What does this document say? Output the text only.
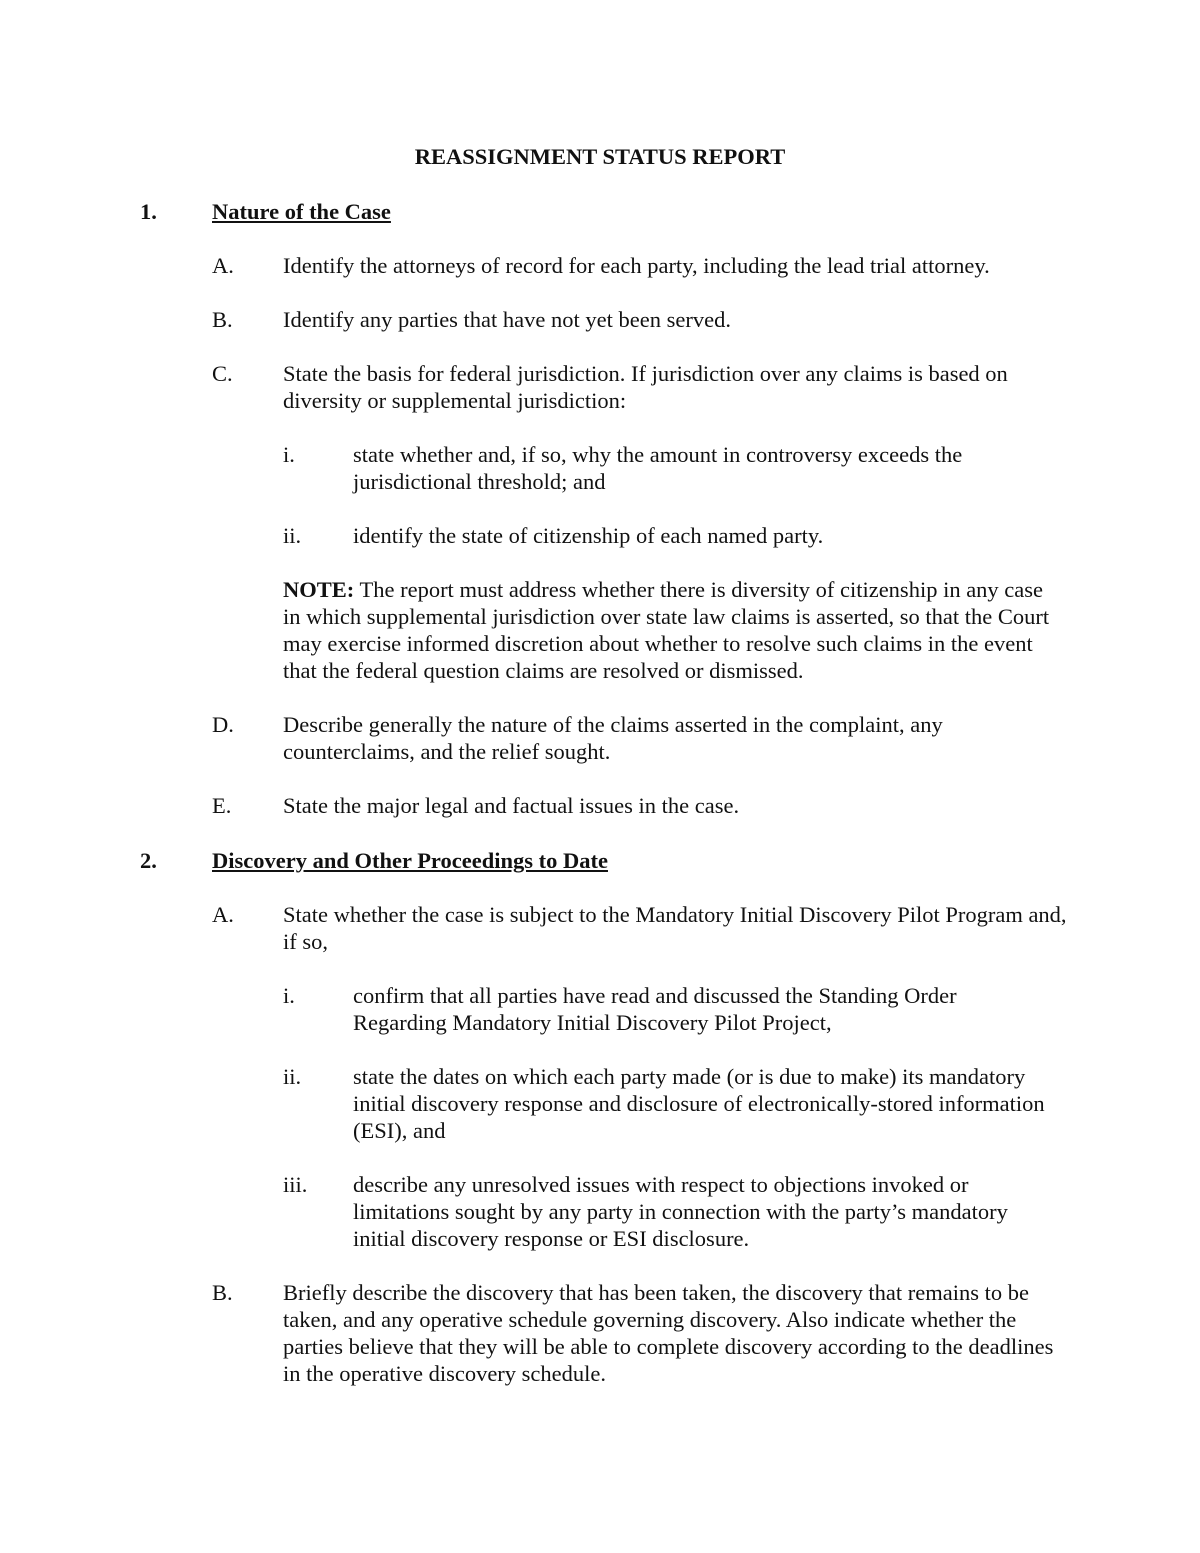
REASSIGNMENT STATUS REPORT
1. Nature of the Case
A. Identify the attorneys of record for each party, including the lead trial attorney.
B. Identify any parties that have not yet been served.
C. State the basis for federal jurisdiction. If jurisdiction over any claims is based on diversity or supplemental jurisdiction:
i.	state whether and, if so, why the amount in controversy exceeds the jurisdictional threshold; and
ii. identify the state of citizenship of each named party.
NOTE: The report must address whether there is diversity of citizenship in any case in which supplemental jurisdiction over state law claims is asserted, so that the Court may exercise informed discretion about whether to resolve such claims in the event that the federal question claims are resolved or dismissed.
D. Describe generally the nature of the claims asserted in the complaint, any counterclaims, and the relief sought.
E. State the major legal and factual issues in the case.
2. Discovery and Other Proceedings to Date
A. State whether the case is subject to the Mandatory Initial Discovery Pilot Program and, if so,
i.	confirm that all parties have read and discussed the Standing Order Regarding Mandatory Initial Discovery Pilot Project,
ii. state the dates on which each party made (or is due to make) its mandatory initial discovery response and disclosure of electronically-stored information (ESI), and
iii. describe any unresolved issues with respect to objections invoked or limitations sought by any party in connection with the party’s mandatory initial discovery response or ESI disclosure.
B. Briefly describe the discovery that has been taken, the discovery that remains to be taken, and any operative schedule governing discovery. Also indicate whether the parties believe that they will be able to complete discovery according to the deadlines in the operative discovery schedule.
